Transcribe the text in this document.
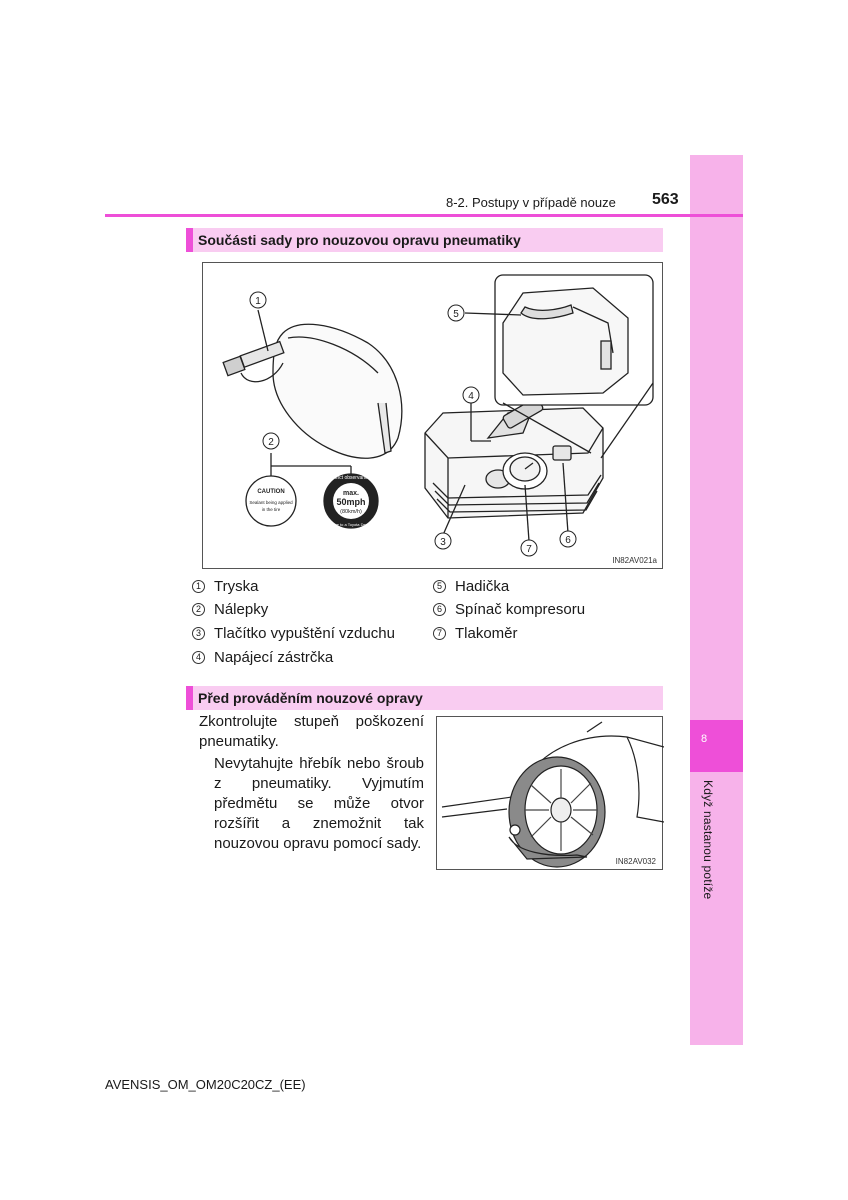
8
Když nastanou potíže
8-2. Postupy v případě nouze 563
Součásti sady pro nouzovou opravu pneumatiky
1
2
3
4
5
6
7
CAUTION
Sealant being applied
in the tire
Strict observance
max.
50mph
(80km/h)
Drive to a Toyota Dealer
IN82AV021a
1 Tryska
2 Nálepky
3 Tlačítko vypuštění vzduchu
4 Napájecí zástrčka
5 Hadička
6 Spínač kompresoru
7 Tlakoměr
Před prováděním nouzové opravy
Zkontrolujte stupeň poškození pneumatiky.
Nevytahujte hřebík nebo šroub z pneumatiky. Vyjmutím předmětu se může otvor rozšířit a znemožnit tak nouzovou opravu pomocí sady.
IN82AV032
AVENSIS_OM_OM20C20CZ_(EE)
